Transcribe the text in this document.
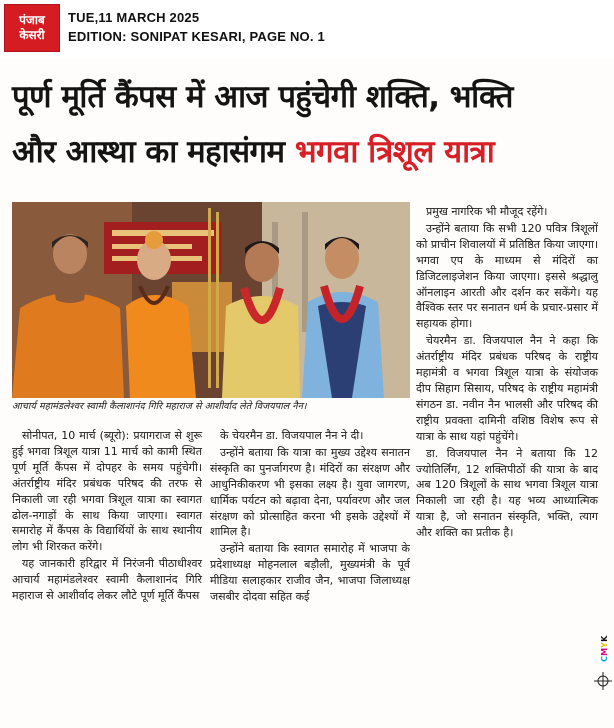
पंजाब
केसरी
TUE,11 MARCH 2025
EDITION: SONIPAT KESARI, PAGE NO. 1
पूर्ण मूर्ति कैंपस में आज पहुंचेगी शक्ति, भक्ति
और आस्था का महासंगम भगवा त्रिशूल यात्रा
आचार्य महामंडलेश्वर स्वामी कैलाशानंद गिरि महाराज से आशीर्वाद लेते विजयपाल नैन।

सोनीपत, 10 मार्च (ब्यूरो): प्रयागराज से शुरू हुई भगवा त्रिशूल यात्रा 11 मार्च को कामी स्थित पूर्ण मूर्ति कैंपस में दोपहर के समय पहुंचेगी। अंतर्राष्ट्रीय मंदिर प्रबंधक परिषद की तरफ से निकाली जा रही भगवा त्रिशूल यात्रा का स्वागत ढोल-नगाड़ों के साथ किया जाएगा। स्वागत समारोह में कैंपस के विद्यार्थियों के साथ स्थानीय लोग भी शिरकत करेंगे।

यह जानकारी हरिद्वार में निरंजनी पीठाधीश्वर आचार्य महामंडलेश्वर स्वामी कैलाशानंद गिरि महाराज से आशीर्वाद लेकर लौटे पूर्ण मूर्ति कैंपस

के चेयरमैन डा. विजयपाल नैन ने दी।

उन्होंने बताया कि यात्रा का मुख्य उद्देश्य सनातन संस्कृति का पुनर्जागरण है। मंदिरों का संरक्षण और आधुनिकीकरण भी इसका लक्ष्य है। युवा जागरण, धार्मिक पर्यटन को बढ़ावा देना, पर्यावरण और जल संरक्षण को प्रोत्साहित करना भी इसके उद्देश्यों में शामिल है।

उन्होंने बताया कि स्वागत समारोह में भाजपा के प्रदेशाध्यक्ष मोहनलाल बड़ौली, मुख्यमंत्री के पूर्व मीडिया सलाहकार राजीव जैन, भाजपा जिलाध्यक्ष जसबीर दोदवा सहित कई

प्रमुख नागरिक भी मौजूद रहेंगे।

उन्होंने बताया कि सभी 120 पवित्र त्रिशूलों को प्राचीन शिवालयों में प्रतिष्ठित किया जाएगा। भगवा एप के माध्यम से मंदिरों का डिजिटलाइजेशन किया जाएगा। इससे श्रद्धालु ऑनलाइन आरती और दर्शन कर सकेंगे। यह वैश्विक स्तर पर सनातन धर्म के प्रचार-प्रसार में सहायक होगा।

चेयरमैन डा. विजयपाल नैन ने कहा कि अंतर्राष्ट्रीय मंदिर प्रबंधक परिषद के राष्ट्रीय महामंत्री व भगवा त्रिशूल यात्रा के संयोजक दीप सिहाग सिसाय, परिषद के राष्ट्रीय महामंत्री संगठन डा. नवीन नैन भालसी और परिषद की राष्ट्रीय प्रवक्ता दामिनी वशिष्ठ विशेष रूप से यात्रा के साथ यहां पहुंचेंगे।

डा. विजयपाल नैन ने बताया कि 12 ज्योतिर्लिंग, 12 शक्तिपीठों की यात्रा के बाद अब 120 त्रिशूलों के साथ भगवा त्रिशूल यात्रा निकाली जा रही है। यह भव्य आध्यात्मिक यात्रा है, जो सनातन संस्कृति, भक्ति, त्याग और शक्ति का प्रतीक है।

CMYK
